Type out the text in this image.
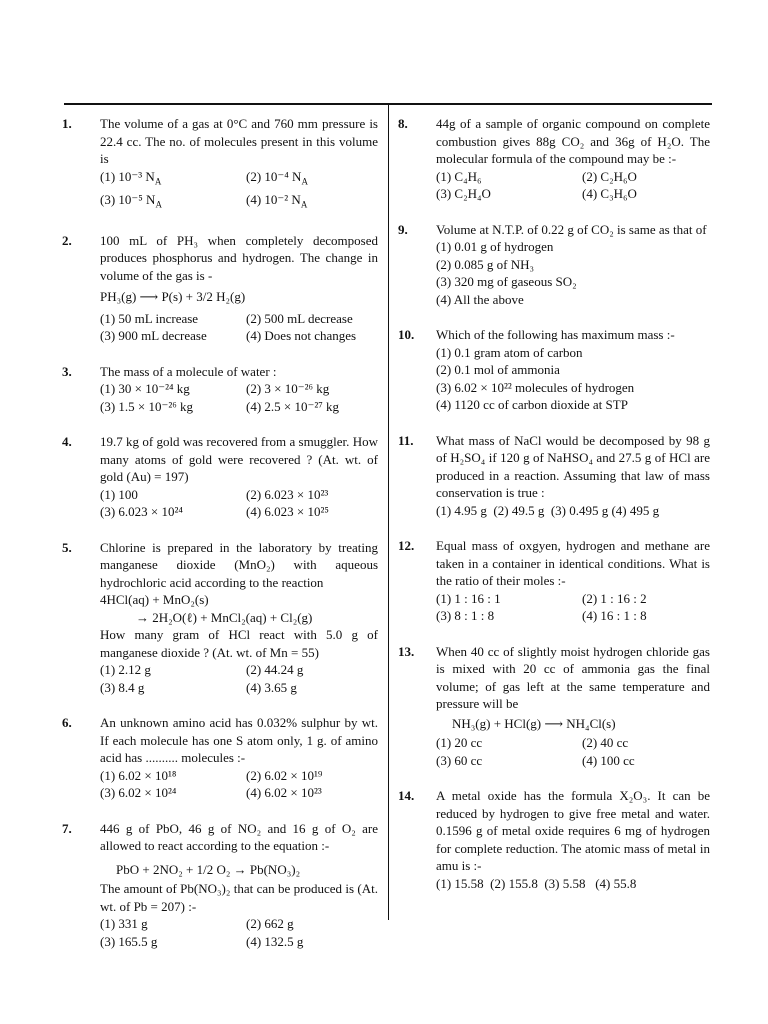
1. The volume of a gas at 0°C and 760 mm pressure is 22.4 cc. The no. of molecules present in this volume is
(1) 10⁻³ $N_A$	(2) 10⁻⁴ $N_A$
(3) 10⁻⁵ $N_A$	(4) 10⁻² $N_A$
2. 100 mL of PH₃ when completely decomposed produces phosphorus and hydrogen. The change in volume of the gas is -
PH₃(g) ⟶ P(s) + 3/2 H₂(g)
(1) 50 mL increase	(2) 500 mL decrease
(3) 900 mL decrease	(4) Does not changes
3. The mass of a molecule of water :
(1) 30 × 10⁻²⁴ kg	(2) 3 × 10⁻²⁶ kg
(3) 1.5 × 10⁻²⁶ kg	(4) 2.5 × 10⁻²⁷ kg
4. 19.7 kg of gold was recovered from a smuggler. How many atoms of gold were recovered ? (At. wt. of gold (Au) = 197)
(1) 100	(2) 6.023 × 10²³
(3) 6.023 × 10²⁴	(4) 6.023 × 10²⁵
5. Chlorine is prepared in the laboratory by treating manganese dioxide (MnO₂) with aqueous hydrochloric acid according to the reaction
4HCl(aq) + MnO₂(s)
→ 2H₂O(ℓ) + MnCl₂(aq) + Cl₂(g)
How many gram of HCl react with 5.0 g of manganese dioxide ? (At. wt. of Mn = 55)
(1) 2.12 g	(2) 44.24 g
(3) 8.4 g	(4) 3.65 g
6. An unknown amino acid has 0.032% sulphur by wt. If each molecule has one S atom only, 1 g. of amino acid has .......... molecules :-
(1) 6.02 × 10¹⁸	(2) 6.02 × 10¹⁹
(3) 6.02 × 10²⁴	(4) 6.02 × 10²³
7. 446 g of PbO, 46 g of NO₂ and 16 g of O₂ are allowed to react according to the equation :-
PbO + 2NO₂ + 1/2 O₂ → Pb(NO₃)₂
The amount of Pb(NO₃)₂ that can be produced is (At. wt. of Pb = 207) :-
(1) 331 g	(2) 662 g
(3) 165.5 g	(4) 132.5 g
8. 44g of a sample of organic compound on complete combustion gives 88g CO₂ and 36g of H₂O. The molecular formula of the compound may be :-
(1) C₄H₆	(2) C₂H₆O
(3) C₂H₄O	(4) C₃H₆O
9. Volume at N.T.P. of 0.22 g of CO₂ is same as that of
(1) 0.01 g of hydrogen
(2) 0.085 g of NH₃
(3) 320 mg of gaseous SO₂
(4) All the above
10. Which of the following has maximum mass :-
(1) 0.1 gram atom of carbon
(2) 0.1 mol of ammonia
(3) 6.02 × 10²² molecules of hydrogen
(4) 1120 cc of carbon dioxide at STP
11. What mass of NaCl would be decomposed by 98 g of H₂SO₄ if 120 g of NaHSO₄ and 27.5 g of HCl are produced in a reaction. Assuming that law of mass conservation is true :
(1) 4.95 g  (2) 49.5 g  (3) 0.495 g (4) 495 g
12. Equal mass of oxgyen, hydrogen and methane are taken in a container in identical conditions. What is the ratio of their moles :-
(1) 1 : 16 : 1	(2) 1 : 16 : 2
(3) 8 : 1 : 8	(4) 16 : 1 : 8
13. When 40 cc of slightly moist hydrogen chloride gas is mixed with 20 cc of ammonia gas the final volume; of gas left at the same temperature and pressure will be
NH₃(g) + HCl(g) ⟶ NH₄Cl(s)
(1) 20 cc	(2) 40 cc
(3) 60 cc	(4) 100 cc
14. A metal oxide has the formula X₂O₃. It can be reduced by hydrogen to give free metal and water. 0.1596 g of metal oxide requires 6 mg of hydrogen for complete reduction. The atomic mass of metal in amu is :-
(1) 15.58  (2) 155.8  (3) 5.58   (4) 55.8
